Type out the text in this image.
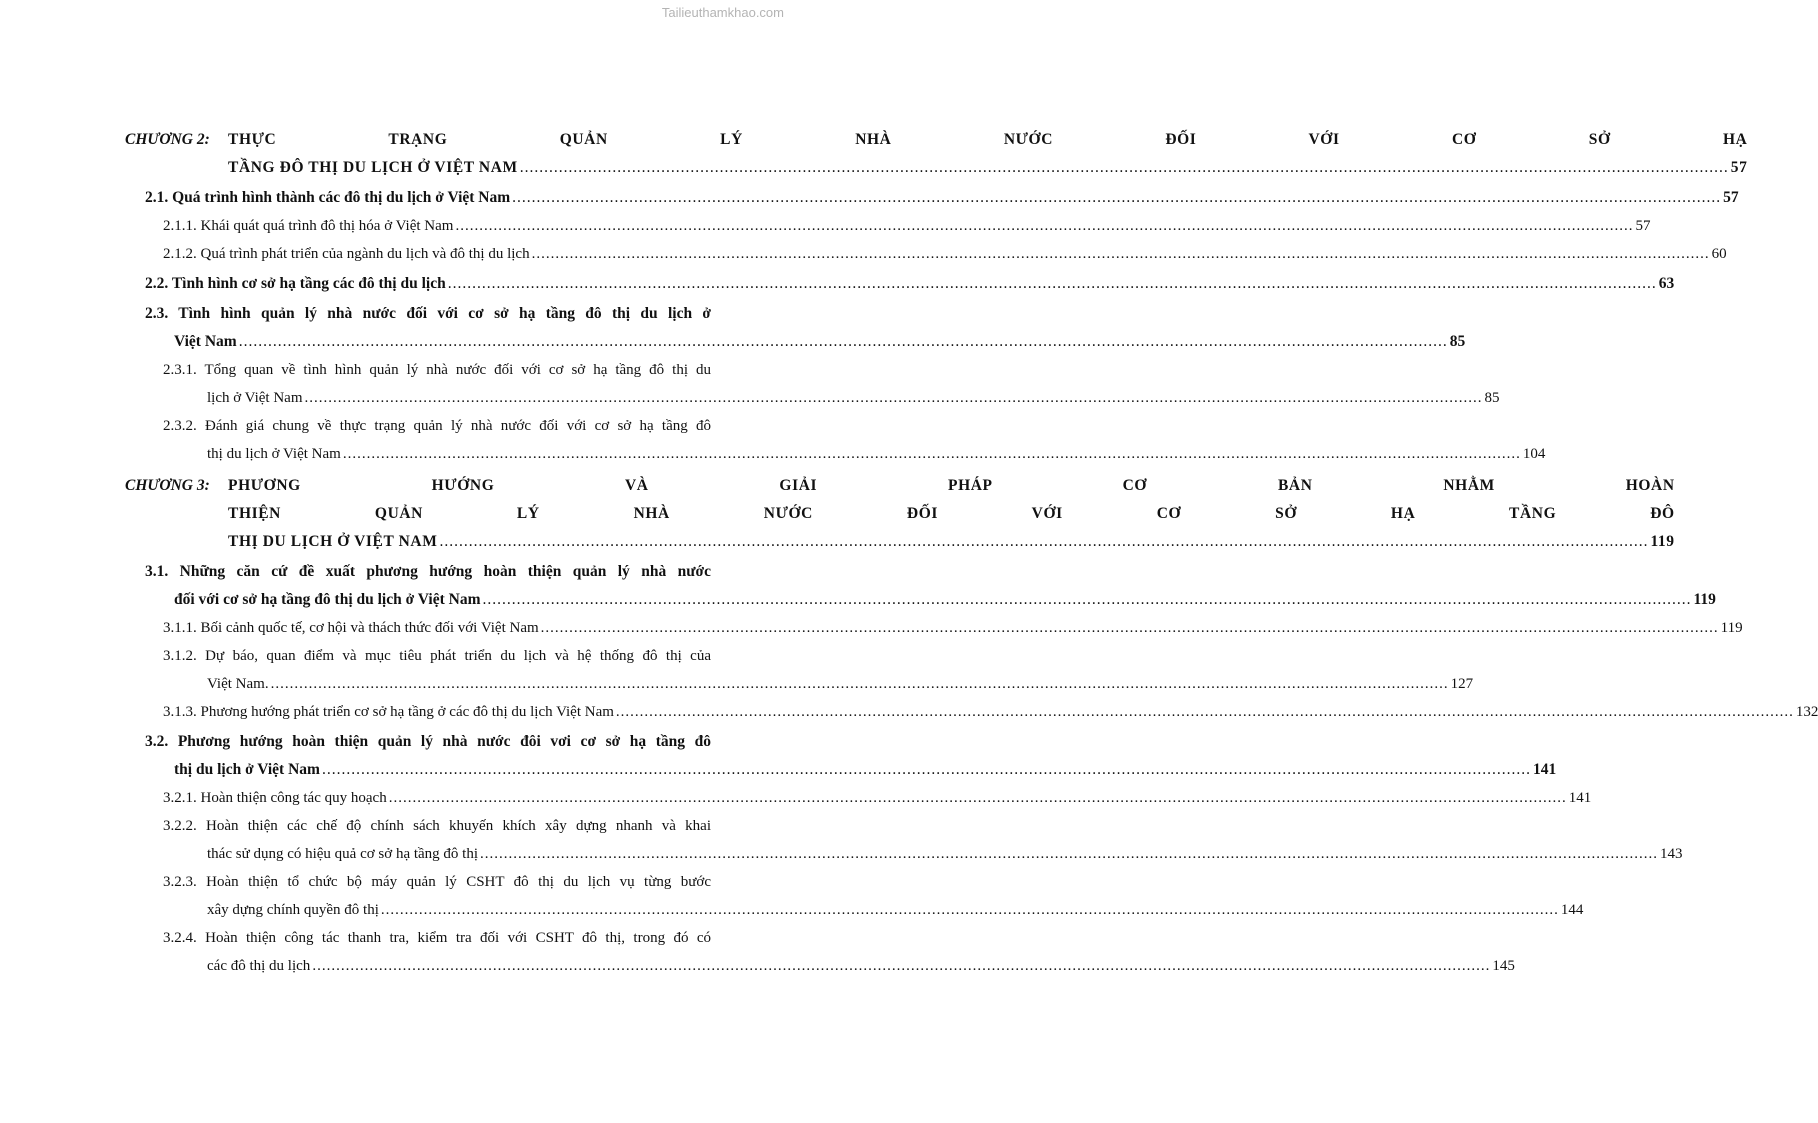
Tailieuthamkhao.com
CHƯƠNG 2:	THỰC TRẠNG QUẢN LÝ NHÀ NƯỚC ĐỐI VỚI CƠ SỞ HẠ
TẦNG ĐÔ THỊ DU LỊCH Ở VIỆT NAM .....	57
2.1. Quá trình hình thành các đô thị du lịch ở Việt Nam .....	57
2.1.1. Khái quát quá trình đô thị hóa ở Việt Nam .....	57
2.1.2. Quá trình phát triển của ngành du lịch và đô thị du lịch .....	60
2.2. Tình hình cơ sở hạ tầng các đô thị du lịch .....	63
2.3. Tình hình quản lý nhà nước đối với cơ sở hạ tầng đô thị du lịch ở
Việt Nam .....	85
2.3.1. Tổng quan về tình hình quản lý nhà nước đối với cơ sở hạ tầng đô thị du
lịch ở Việt Nam .....	85
2.3.2. Đánh giá chung về thực trạng quản lý nhà nước đối với cơ sở hạ tầng đô
thị du lịch ở Việt Nam .....	104
CHƯƠNG 3:	PHƯƠNG HƯỚNG VÀ GIẢI PHÁP CƠ BẢN NHẰM HOÀN
THIỆN QUẢN LÝ NHÀ NƯỚC ĐỐI VỚI CƠ SỞ HẠ TẦNG ĐÔ
THỊ DU LỊCH Ở VIỆT NAM .....	119
3.1. Những căn cứ đề xuất phương hướng hoàn thiện quản lý nhà nước
đối với cơ sở hạ tầng đô thị du lịch ở Việt Nam .....	119
3.1.1. Bối cảnh quốc tế, cơ hội và thách thức đối với Việt Nam .....	119
3.1.2. Dự báo, quan điểm và mục tiêu phát triển du lịch và hệ thống đô thị của
Việt Nam. .....	127
3.1.3. Phương hướng phát triển cơ sở hạ tầng ở các đô thị du lịch Việt Nam .....	132
3.2. Phương hướng hoàn thiện quản lý nhà nước đôi vơi cơ sở hạ tầng đô
thị du lịch ở Việt Nam .....	141
3.2.1. Hoàn thiện công tác quy hoạch .....	141
3.2.2. Hoàn thiện các chế độ chính sách khuyến khích xây dựng nhanh và khai
thác sử dụng có hiệu quả cơ sở hạ tầng đô thị .....	143
3.2.3. Hoàn thiện tổ chức bộ máy quản lý CSHT đô thị du lịch vụ từng bước
xây dựng chính quyền đô thị .....	144
3.2.4. Hoàn thiện công tác thanh tra, kiểm tra đối với CSHT đô thị, trong đó có
các đô thị du lịch .....	145
